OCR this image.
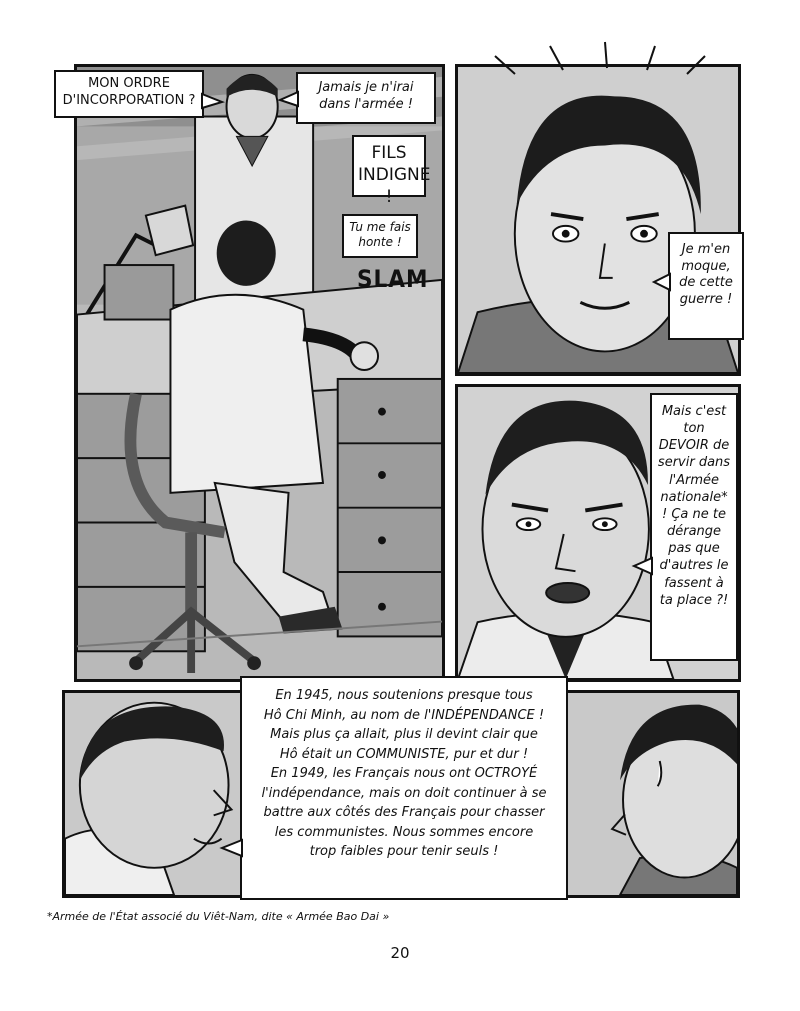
SLAM
MON ORDRE D'INCORPORATION ?
Jamais je n'irai dans l'armée !
FILS INDIGNE !
Tu me fais honte !	Je m'en moque, de cette guerre !
Mais c'est ton DEVOIR de servir dans l'Armée nationale* ! Ça ne te dérange pas que d'autres le fassent à ta place ?!
En 1945, nous soutenions presque tous
Hô Chi Minh, au nom de l'INDÉPENDANCE !
Mais plus ça allait, plus il devint clair que
Hô était un COMMUNISTE, pur et dur !
En 1949, les Français nous ont OCTROYÉ
l'indépendance, mais on doit continuer à se
battre aux côtés des Français pour chasser
les communistes. Nous sommes encore
trop faibles pour tenir seuls !
*Armée de l'État associé du Viêt-Nam, dite « Armée Bao Dai »
20
